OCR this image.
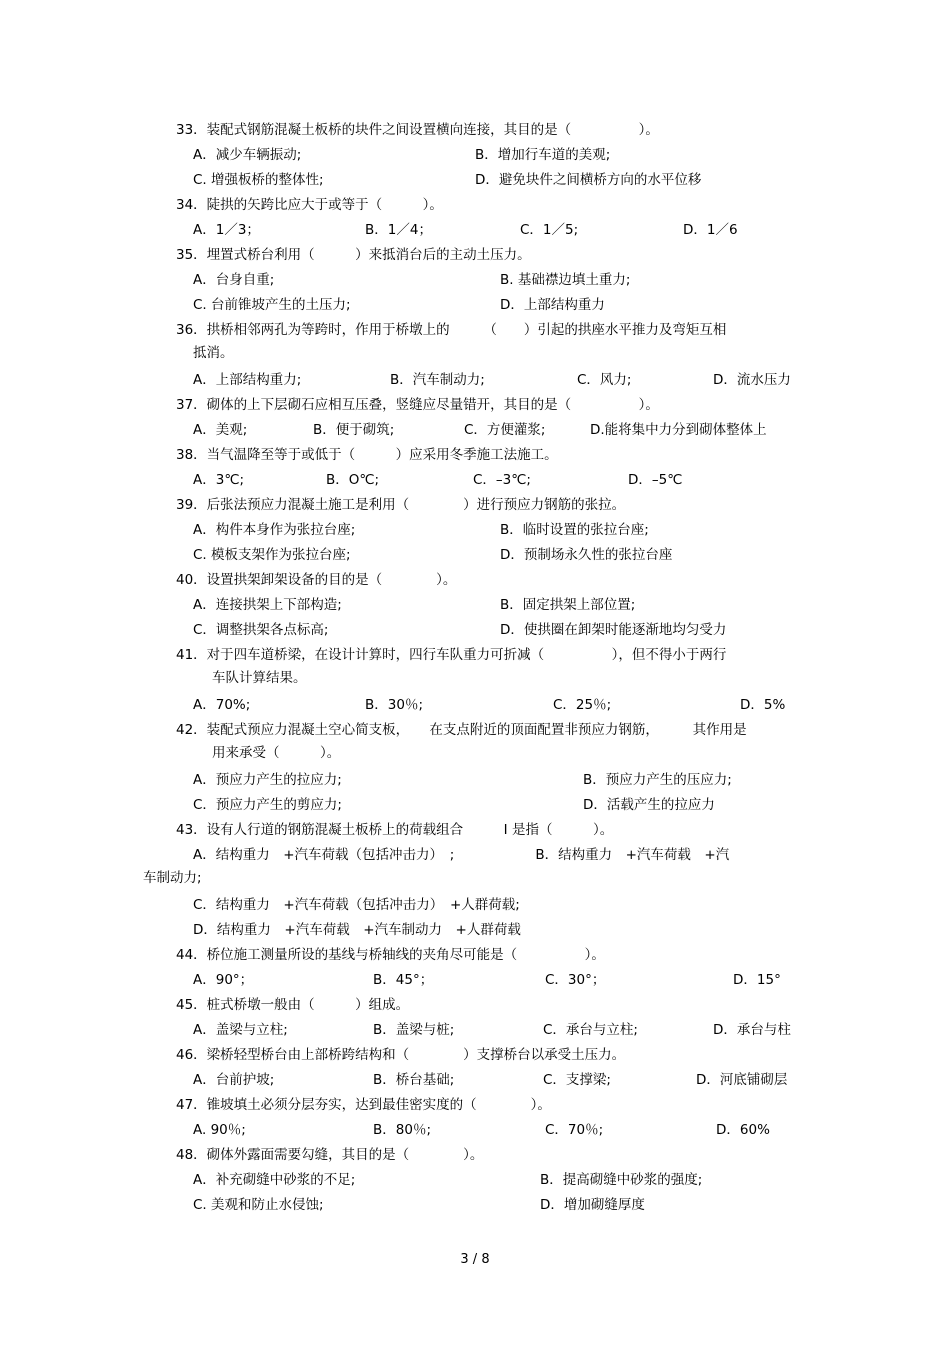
33．装配式钢筋混凝土板桥的块件之间设置横向连接，其目的是（　　　　　）。
A．减少车辆振动;	B．增加行车道的美观;
C. 增强板桥的整体性;	D．避免块件之间横桥方向的水平位移
34．陡拱的矢跨比应大于或等于（　　　）。
A．1／3；	B．1／4；	C．1／5;	D．1／6
35．埋置式桥台利用（　　　）来抵消台后的主动土压力。
A．台身自重;	B. 基础襟边填土重力;
C. 台前锥坡产生的土压力;	D．上部结构重力
36．拱桥相邻两孔为等跨时，作用于桥墩上的　　　（　　）引起的拱座水平推力及弯矩互相
抵消。
A．上部结构重力;	B．汽车制动力;	C．风力;	D．流水压力
37．砌体的上下层砌石应相互压叠，竖缝应尽量错开，其目的是（　　　　　）。
A．美观;	B．便于砌筑;	C．方便灌浆;	D.能将集中力分到砌体整体上
38．当气温降至等于或低于（　　　）应采用冬季施工法施工。
A．3℃;	B．O℃;	C．–3℃;	D．–5℃
39．后张法预应力混凝土施工是利用（　　　　）进行预应力钢筋的张拉。
A．构件本身作为张拉台座;	B．临时设置的张拉台座;
C. 模板支架作为张拉台座;	D．预制场永久性的张拉台座
40．设置拱架卸架设备的目的是（　　　　）。
A．连接拱架上下部构造;	B．固定拱架上部位置;
C．调整拱架各点标高;	D．使拱圈在卸架时能逐渐地均匀受力
41．对于四车道桥梁，在设计计算时，四行车队重力可折减（　　　　　），但不得小于两行
车队计算结果。
A．70%;	B．30％;	C．25％;	D．5%
42．装配式预应力混凝土空心简支板，　　在支点附近的顶面配置非预应力钢筋，　　　其作用是
用来承受（　　　）。
A．预应力产生的拉应力;	B．预应力产生的压应力;
C．预应力产生的剪应力;	D．活载产生的拉应力
43．设有人行道的钢筋混凝土板桥上的荷载组合　　　I 是指（　　　）。
A．结构重力　+汽车荷载（包括冲击力）　;　　　　　　B．结构重力　+汽车荷载　+汽
车制动力;
C．结构重力　+汽车荷载（包括冲击力）　+人群荷载;
D．结构重力　+汽车荷载　+汽车制动力　+人群荷载
44．桥位施工测量所设的基线与桥轴线的夹角尽可能是（　　　　　）。
A．90°；	B．45°；	C．30°；	D．15°
45．桩式桥墩一般由（　　　）组成。
A．盖梁与立柱;	B．盖梁与桩;	C．承台与立柱;	D．承台与柱
46．梁桥轻型桥台由上部桥跨结构和（　　　　）支撑桥台以承受土压力。
A．台前护坡;	B．桥台基础;	C．支撑梁;	D．河底铺砌层
47．锥坡填土必须分层夯实，达到最佳密实度的（　　　　）。
A. 90％;	B．80％;	C．70％;	D．60%
48．砌体外露面需要勾缝，其目的是（　　　　）。
A．补充砌缝中砂浆的不足;	B．提高砌缝中砂浆的强度;
C. 美观和防止水侵蚀;	D．增加砌缝厚度
3 / 8
